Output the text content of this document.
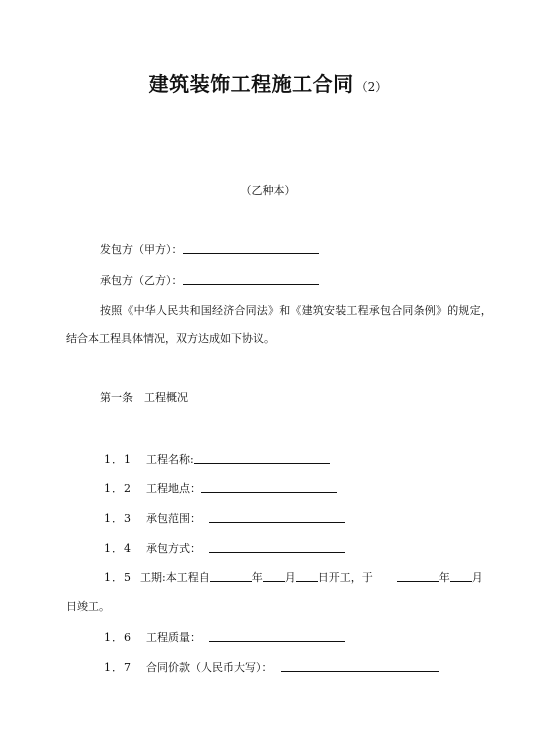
建筑装饰工程施工合同 （2）
（乙种本）
发包方（甲方）：
承包方（乙方）：
按照《中华人民共和国经济合同法》和《建筑安装工程承包合同条例》的规定，
结合本工程具体情况，双方达成如下协议。
第一条　工程概况
1．1 工程名称:
1．2 工程地点：
1．3 承包范围：
1．4 承包方式：
1．5 工期:本工程自	年 月 日开工，于	年 月
日竣工。
1．6 工程质量：
1．7 合同价款（人民币大写）：
